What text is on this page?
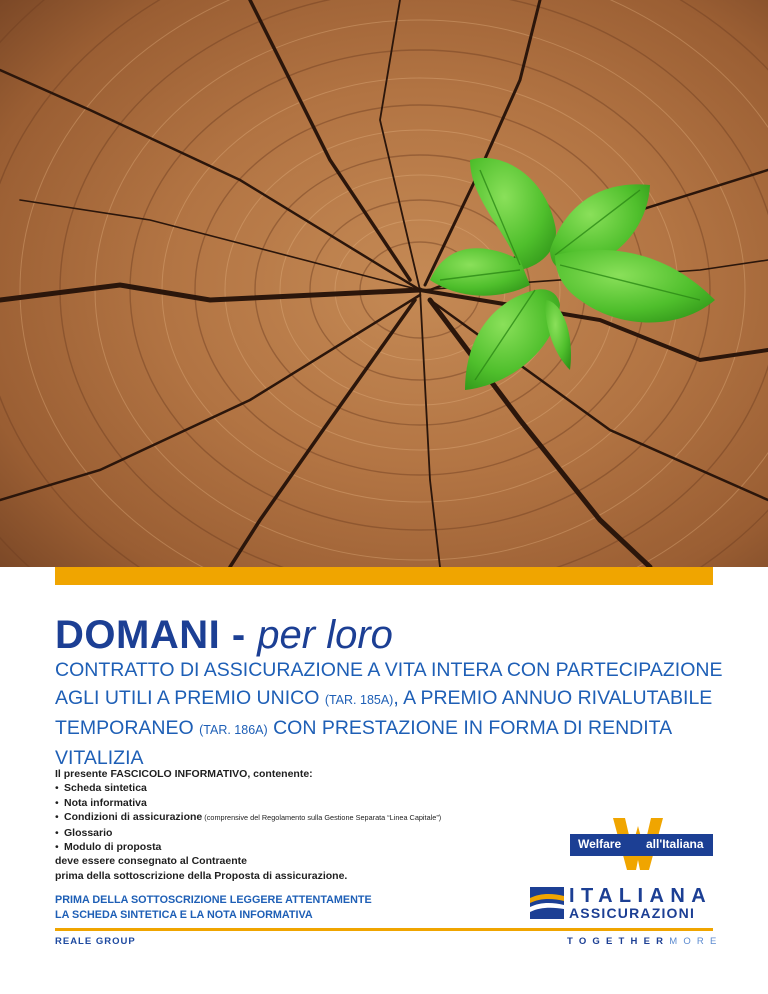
DOMANI - per loro
CONTRATTO DI ASSICURAZIONE A VITA INTERA CON PARTECIPAZIONE
AGLI UTILI A PREMIO UNICO (TAR. 185A), A PREMIO ANNUO RIVALUTABILE
TEMPORANEO (TAR. 186A) CON PRESTAZIONE IN FORMA DI RENDITA VITALIZIA
Il presente FASCICOLO INFORMATIVO, contenente:
• Scheda sintetica
• Nota informativa
• Condizioni di assicurazione (comprensive del Regolamento sulla Gestione Separata “Linea Capitale”)
• Glossario
• Modulo di proposta
deve essere consegnato al Contraente
prima della sottoscrizione della Proposta di assicurazione.
PRIMA DELLA SOTTOSCRIZIONE LEGGERE ATTENTAMENTE
LA SCHEDA SINTETICA E LA NOTA INFORMATIVA
Welfare all'Italiana
ITALIANA
ASSICURAZIONI
REALE GROUP	TOGETHERMORE
